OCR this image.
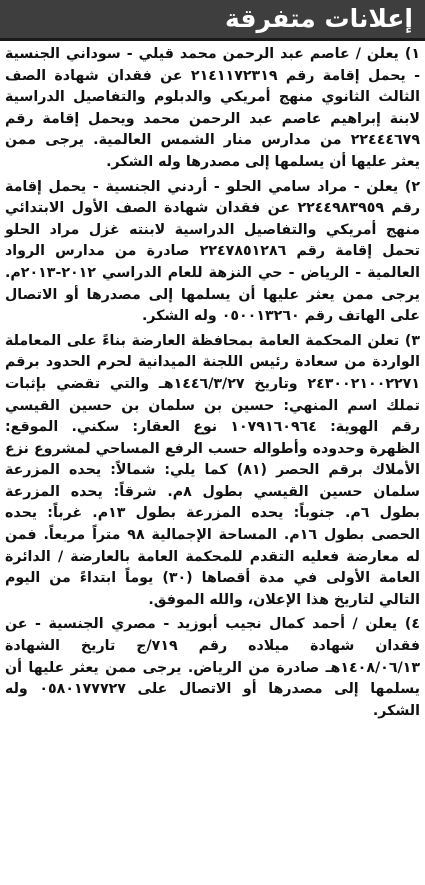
إعلانات متفرقة

١) يعلن / عاصم عبد الرحمن محمد قيلي - سوداني الجنسية - يحمل إقامة رقم ٢١٤١١٧٢٣١٩ عن فقدان شهادة الصف الثالث الثانوي منهج أمريكي والدبلوم والتفاصيل الدراسية لابنة إبراهيم عاصم عبد الرحمن محمد ويحمل إقامة رقم ٢٢٤٤٤٦٧٩ من مدارس منار الشمس العالمية. يرجى ممن يعثر عليها أن يسلمها إلى مصدرها وله الشكر.

٢) يعلن - مراد سامي الحلو - أردني الجنسية - يحمل إقامة رقم ٢٢٤٤٩٨٣٩٥٩ عن فقدان شهادة الصف الأول الابتدائي منهج أمريكي والتفاصيل الدراسية لابنته غزل مراد الحلو تحمل إقامة رقم ٢٢٤٧٨٥١٢٨٦ صادرة من مدارس الرواد العالمية - الرياض - حي النزهة للعام الدراسي ٢٠١٢-٢٠١٣م. يرجى ممن يعثر عليها أن يسلمها إلى مصدرها أو الاتصال على الهاتف رقم ٠٥٠٠١٣٢٦٠ وله الشكر.

٣) تعلن المحكمة العامة بمحافظة العارضة بناءً على المعاملة الواردة من سعادة رئيس اللجنة الميدانية لحرم الحدود برقم ٢٤٣٠٠٢١٠٠٢٢٧١ وتاريخ ١٤٤٦/٣/٢٧هـ والتي تقضي بإثبات تملك اسم المنهي: حسين بن سلمان بن حسين القيسي رقم الهوية: ١٠٧٩١٦٠٩٦٤ نوع العقار: سكني. الموقع: الظهرة وحدوده وأطواله حسب الرفع المساحي لمشروع نزع الأملاك برقم الحصر (٨١) كما يلي: شمالاً: يحده المزرعة سلمان حسين القيسي بطول ٨م. شرقاً: يحده المزرعة بطول ٦م. جنوباً: يحده المزرعة بطول ١٣م. غرباً: يحده الحصى بطول ١٦م. المساحة الإجمالية ٩٨ متراً مربعاً. فمن له معارضة فعليه التقدم للمحكمة العامة بالعارضة / الدائرة العامة الأولى في مدة أقصاها (٣٠) يوماً ابتداءً من اليوم التالي لتاريخ هذا الإعلان، والله الموفق.

٤) يعلن / أحمد كمال نجيب أبوزيد - مصري الجنسية - عن فقدان شهادة ميلاده رقم ٧١٩/ج تاريخ الشهادة ١٤٠٨/٠٦/١٣هـ صادرة من الرياض. يرجى ممن يعثر عليها أن يسلمها إلى مصدرها أو الاتصال على ٠٥٨٠١٧٧٧٢٧ وله الشكر.
